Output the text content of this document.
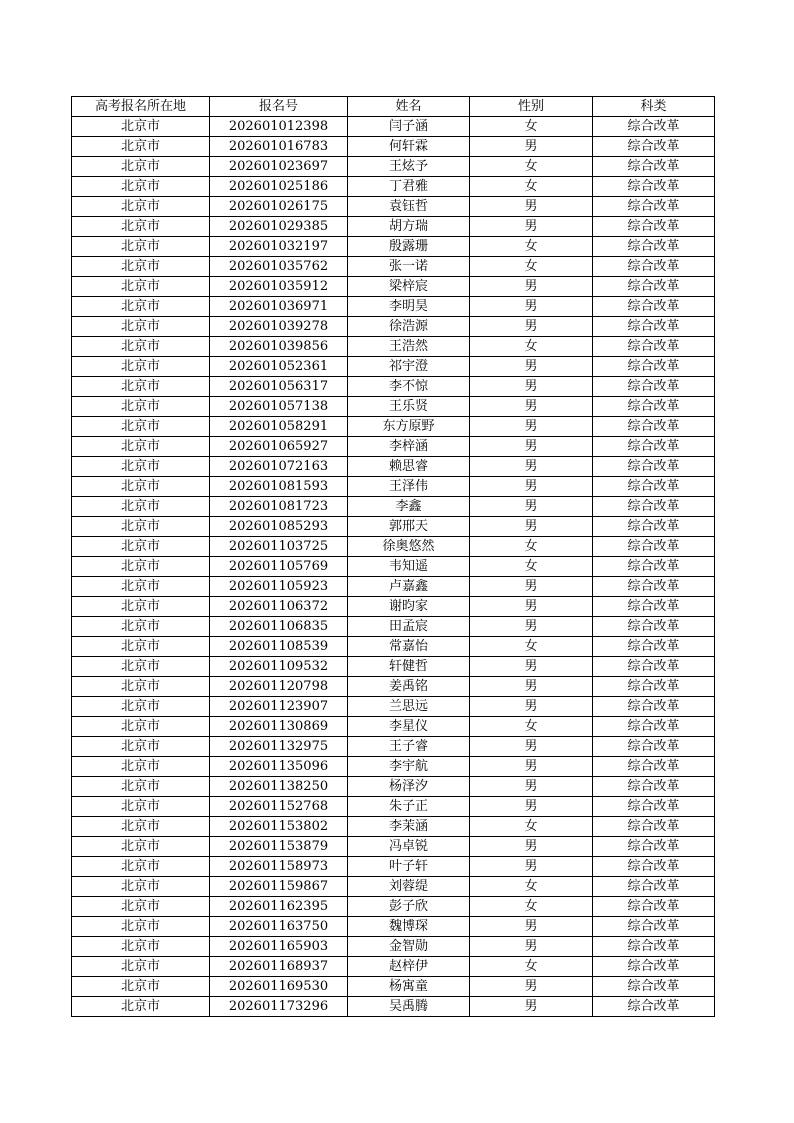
高考报名所在地	报名号	姓名	性别	科类
北京市	202601012398	闫子涵	女	综合改革
北京市	202601016783	何轩霖	男	综合改革
北京市	202601023697	王炫予	女	综合改革
北京市	202601025186	丁君雅	女	综合改革
北京市	202601026175	袁钰哲	男	综合改革
北京市	202601029385	胡方瑞	男	综合改革
北京市	202601032197	殷露珊	女	综合改革
北京市	202601035762	张一诺	女	综合改革
北京市	202601035912	梁梓宸	男	综合改革
北京市	202601036971	李明昊	男	综合改革
北京市	202601039278	徐浩源	男	综合改革
北京市	202601039856	王浩然	女	综合改革
北京市	202601052361	祁宇澄	男	综合改革
北京市	202601056317	李不惊	男	综合改革
北京市	202601057138	王乐贤	男	综合改革
北京市	202601058291	东方原野	男	综合改革
北京市	202601065927	李梓涵	男	综合改革
北京市	202601072163	赖思睿	男	综合改革
北京市	202601081593	王泽伟	男	综合改革
北京市	202601081723	李鑫	男	综合改革
北京市	202601085293	郭邢天	男	综合改革
北京市	202601103725	徐奥悠然	女	综合改革
北京市	202601105769	韦知遥	女	综合改革
北京市	202601105923	卢嘉鑫	男	综合改革
北京市	202601106372	谢昀家	男	综合改革
北京市	202601106835	田孟宸	男	综合改革
北京市	202601108539	常嘉怡	女	综合改革
北京市	202601109532	轩健哲	男	综合改革
北京市	202601120798	姜禹铭	男	综合改革
北京市	202601123907	兰思远	男	综合改革
北京市	202601130869	李星仪	女	综合改革
北京市	202601132975	王子睿	男	综合改革
北京市	202601135096	李宇航	男	综合改革
北京市	202601138250	杨泽汐	男	综合改革
北京市	202601152768	朱子正	男	综合改革
北京市	202601153802	李茉涵	女	综合改革
北京市	202601153879	冯卓锐	男	综合改革
北京市	202601158973	叶子轩	男	综合改革
北京市	202601159867	刘蓉缇	女	综合改革
北京市	202601162395	彭子欣	女	综合改革
北京市	202601163750	魏博琛	男	综合改革
北京市	202601165903	金智勋	男	综合改革
北京市	202601168937	赵梓伊	女	综合改革
北京市	202601169530	杨寓童	男	综合改革
北京市	202601173296	吴禹腾	男	综合改革
